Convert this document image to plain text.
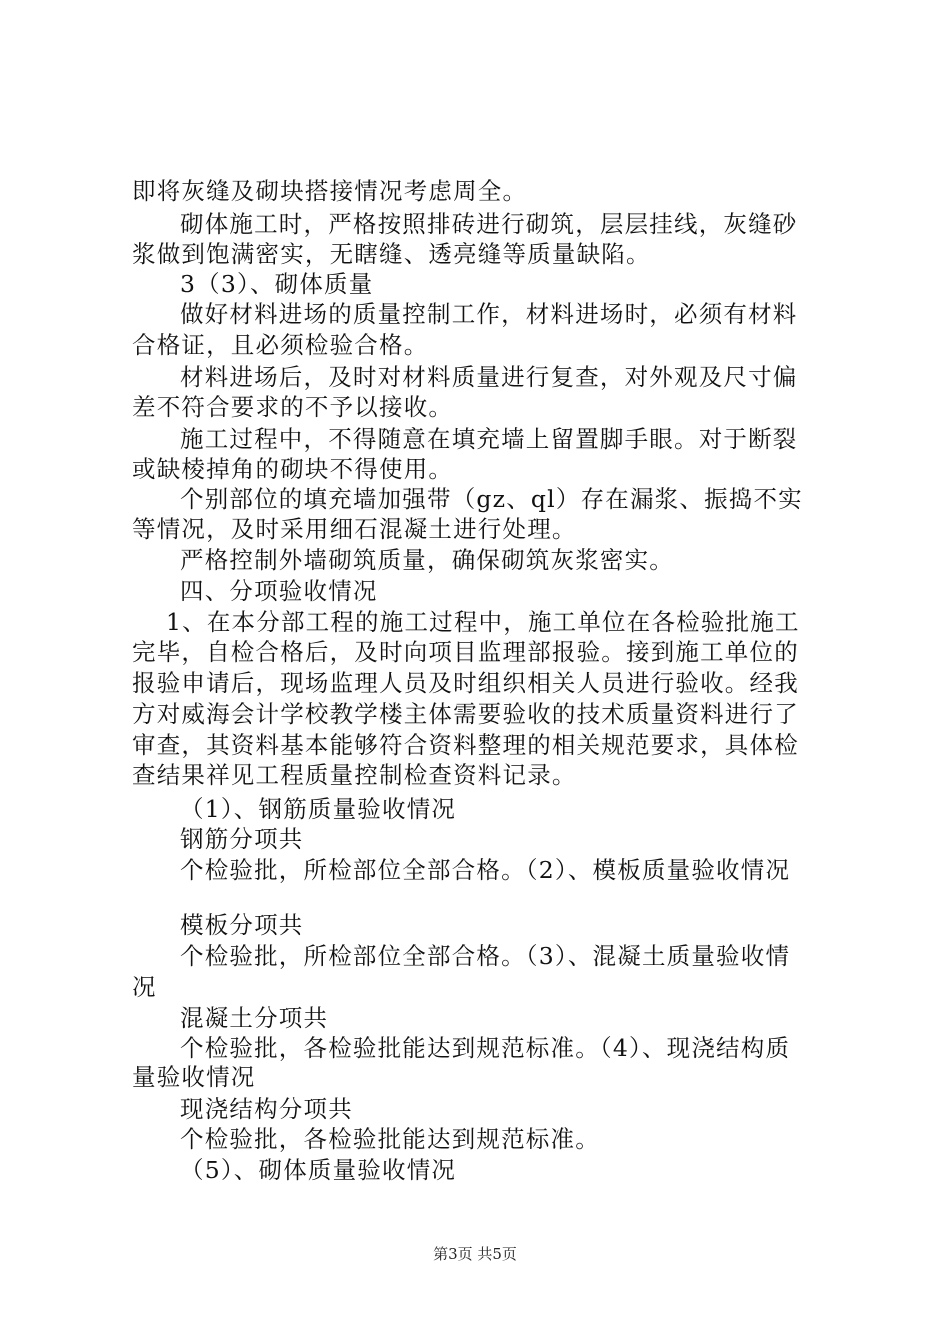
即将灰缝及砌块搭接情况考虑周全。
砌体施工时，严格按照排砖进行砌筑，层层挂线，灰缝砂
浆做到饱满密实，无瞎缝、透亮缝等质量缺陷。
3（3）、砌体质量
做好材料进场的质量控制工作，材料进场时，必须有材料
合格证，且必须检验合格。
材料进场后，及时对材料质量进行复查，对外观及尺寸偏
差不符合要求的不予以接收。
施工过程中，不得随意在填充墙上留置脚手眼。对于断裂
或缺棱掉角的砌块不得使用。
个别部位的填充墙加强带（gz、ql）存在漏浆、振捣不实
等情况，及时采用细石混凝土进行处理。
严格控制外墙砌筑质量，确保砌筑灰浆密实。
四、分项验收情况
1、在本分部工程的施工过程中，施工单位在各检验批施工
完毕，自检合格后，及时向项目监理部报验。接到施工单位的
报验申请后，现场监理人员及时组织相关人员进行验收。经我
方对威海会计学校教学楼主体需要验收的技术质量资料进行了
审查，其资料基本能够符合资料整理的相关规范要求，具体检
查结果祥见工程质量控制检查资料记录。
（1）、钢筋质量验收情况
钢筋分项共
个检验批，所检部位全部合格。（2）、模板质量验收情况
模板分项共
个检验批，所检部位全部合格。（3）、混凝土质量验收情
况
混凝土分项共
个检验批，各检验批能达到规范标准。（4）、现浇结构质
量验收情况
现浇结构分项共
个检验批，各检验批能达到规范标准。
（5）、砌体质量验收情况
第3页 共5页
